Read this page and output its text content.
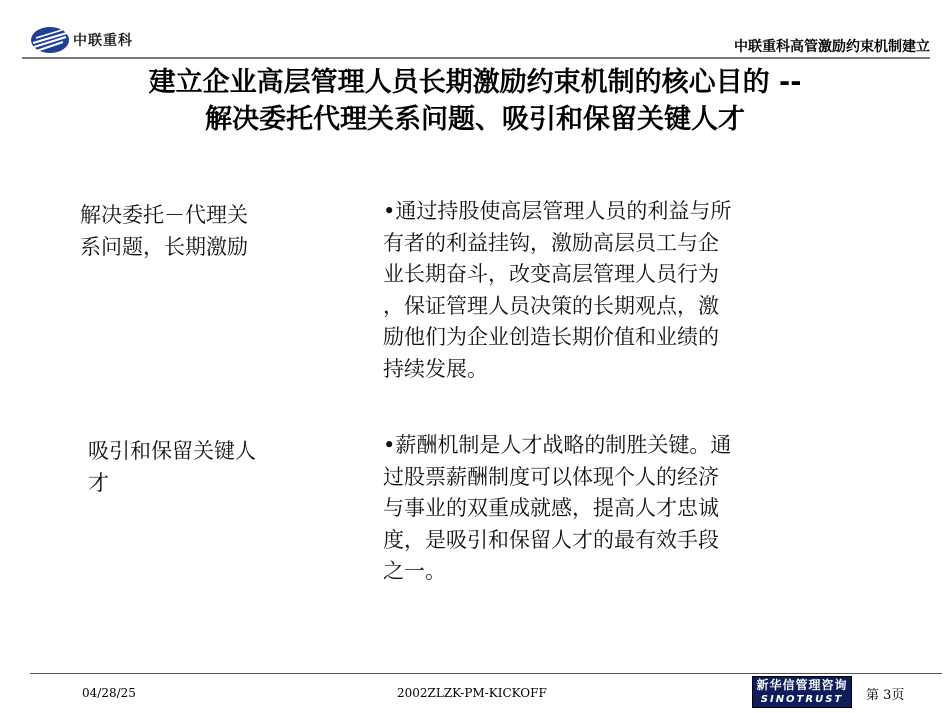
中联重科	中联重科高管激励约束机制建立
建立企业高层管理人员长期激励约束机制的核心目的 --
解决委托代理关系问题、吸引和保留关键人才
解决委托－代理关
系问题，长期激励
•通过持股使高层管理人员的利益与所
有者的利益挂钩，激励高层员工与企
业长期奋斗，改变高层管理人员行为
，保证管理人员决策的长期观点，激
励他们为企业创造长期价值和业绩的
持续发展。
吸引和保留关键人
才
•薪酬机制是人才战略的制胜关键。通
过股票薪酬制度可以体现个人的经济
与事业的双重成就感，提高人才忠诚
度，是吸引和保留人才的最有效手段
之一。
04/28/25	2002ZLZK-PM-KICKOFF
新华信管理咨询
SINOTRUST	第 3页
